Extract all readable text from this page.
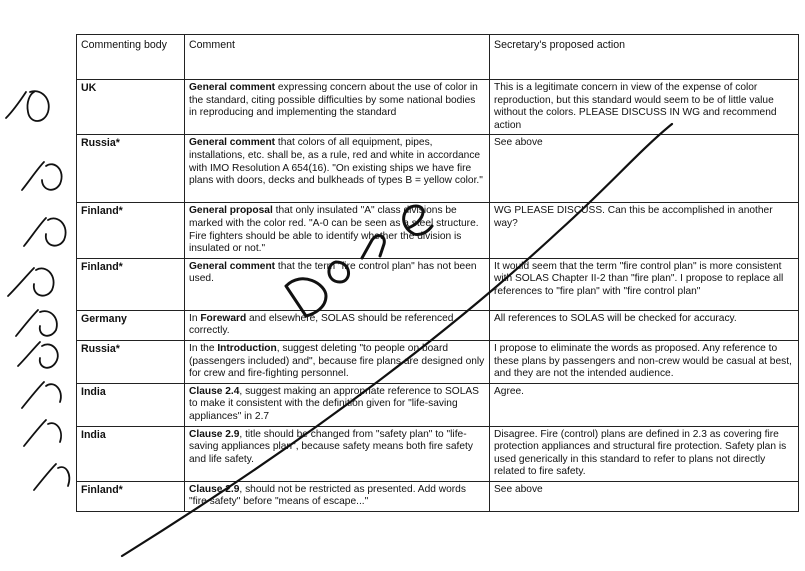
Commenting body	Comment	Secretary's proposed action
UK	General comment expressing concern about the use of color in the standard, citing possible difficulties by some national bodies in reproducing and implementing the standard	This is a legitimate concern in view of the expense of color reproduction, but this standard would seem to be of little value without the colors. PLEASE DISCUSS IN WG and recommend action
Russia*	General comment that colors of all equipment, pipes, installations, etc. shall be, as a rule, red and white in accordance with IMO Resolution A 654(16). "On existing ships we have fire plans with doors, decks and bulkheads of types B = yellow color."	See above
Finland*	General proposal that only insulated "A" class divisions be marked with the color red. "A-0 can be seen as a steel structure. Fire fighters should be able to identify whether the division is insulated or not."	WG PLEASE DISCUSS. Can this be accomplished in another way?
Finland*	General comment that the term "fire control plan" has not been used.	It would seem that the term "fire control plan" is more consistent with SOLAS Chapter II-2 than "fire plan". I propose to replace all references to "fire plan" with "fire control plan"
Germany	In Foreward and elsewhere, SOLAS should be referenced correctly.	All references to SOLAS will be checked for accuracy.
Russia*	In the Introduction, suggest deleting "to people on board (passengers included) and", because fire plans are designed only for crew and fire-fighting personnel.	I propose to eliminate the words as proposed. Any reference to these plans by passengers and non-crew would be casual at best, and they are not the intended audience.
India	Clause 2.4, suggest making an appropriate reference to SOLAS to make it consistent with the definition given for "life-saving appliances" in 2.7	Agree.
India	Clause 2.9, title should be changed from "safety plan" to "life-saving appliances plan", because safety means both fire safety and life safety.	Disagree. Fire (control) plans are defined in 2.3 as covering fire protection appliances and structural fire protection. Safety plan is used generically in this standard to refer to plans not directly related to fire safety.
Finland*	Clause 2.9, should not be restricted as presented. Add words "fire safety" before "means of escape..."	See above
